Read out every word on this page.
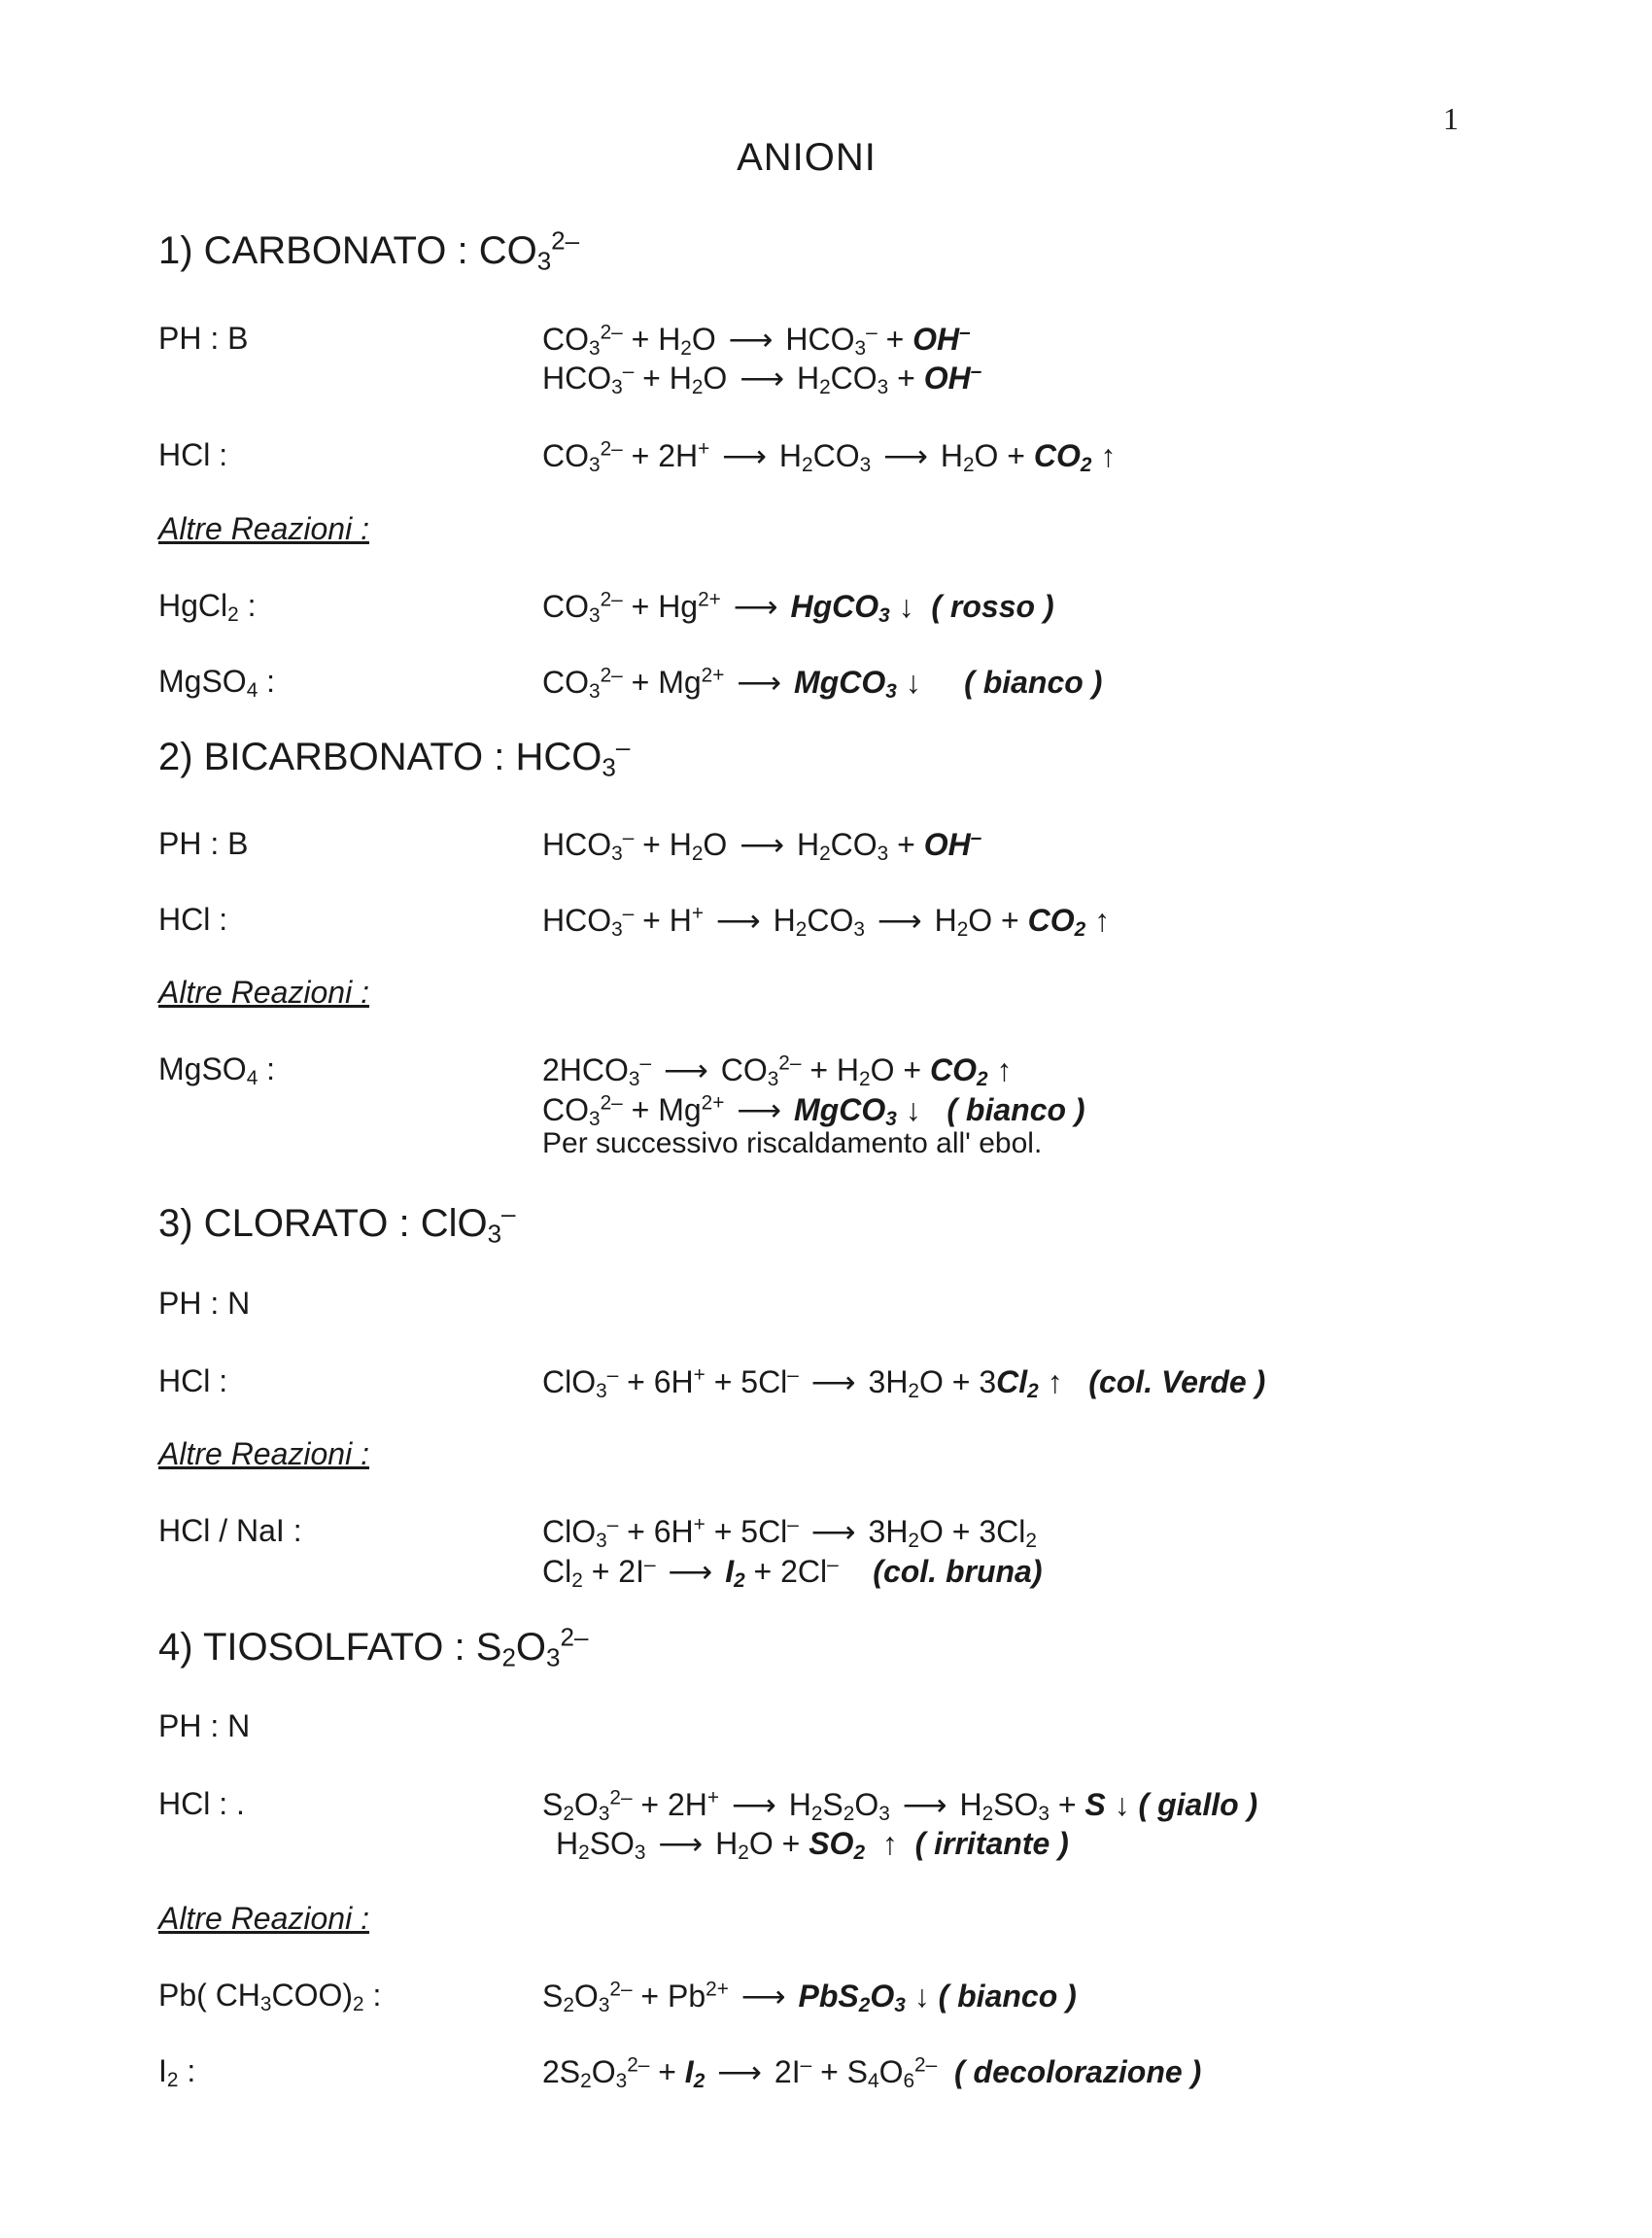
1
ANIONI
1) CARBONATO : $CO_3^{2-}$
PH : B	$CO_3^{2-} + H_2O$ ⟶ $HCO_3^- + OH^-$
$HCO_3^- + H_2O$ ⟶ $H_2CO_3 + OH^-$
HCl :	$CO_3^{2-} + 2H^+$ ⟶ $H_2CO_3$ ⟶ $H_2O + CO_2$ ↑
Altre Reazioni :
HgCl$_2$ :	$CO_3^{2-} + Hg^{2+}$ ⟶ HgCO$_3$ ↓  ( rosso )
MgSO$_4$ :	$CO_3^{2-} + Mg^{2+}$ ⟶ MgCO$_3$ ↓     ( bianco )
2) BICARBONATO : $HCO_3^-$
PH : B	$HCO_3^- + H_2O$ ⟶ $H_2CO_3 + OH^-$
HCl :	$HCO_3^- + H^+$ ⟶ $H_2CO_3$ ⟶ $H_2O + CO_2$ ↑
Altre Reazioni :
MgSO$_4$ :	$2HCO_3^-$ ⟶ $CO_3^{2-} + H_2O + CO_2$ ↑
$CO_3^{2-} + Mg^{2+}$ ⟶ MgCO$_3$ ↓   ( bianco )
Per successivo riscaldamento all' ebol.
3) CLORATO : ClO$_3$–
PH : N
HCl :	ClO$_3$– + 6H+ + 5Cl– ⟶ $3H_2O + 3Cl_2$ ↑   (col. Verde )
Altre Reazioni :
HCl / NaI :	ClO$_3$– + 6H+ + 5Cl– ⟶ $3H_2O + 3Cl_2$
$Cl_2 + 2I^-$ ⟶ $I_2 + 2Cl^-$ (col. bruna)
4) TIOSOLFATO : $S_2O_3^{2-}$
PH : N
HCl : .	$S_2O_3^{2-} + 2H^+$ ⟶ $H_2S_2O_3$ ⟶ $H_2SO_3 + S$ ↓ ( giallo )
$H_2SO_3$ ⟶ $H_2O + SO_2$  ↑  ( irritante )
Altre Reazioni :
Pb( $CH_3COO)_2$ :	$S_2O_3^{2-} + Pb^{2+}$ ⟶ $PbS_2O_3$ ↓ ( bianco )
$I_2$ :	$2S_2O_3^{2-} + I_2$ ⟶ $2I^- + S_4O_6^{2-}$ ( decolorazione )
